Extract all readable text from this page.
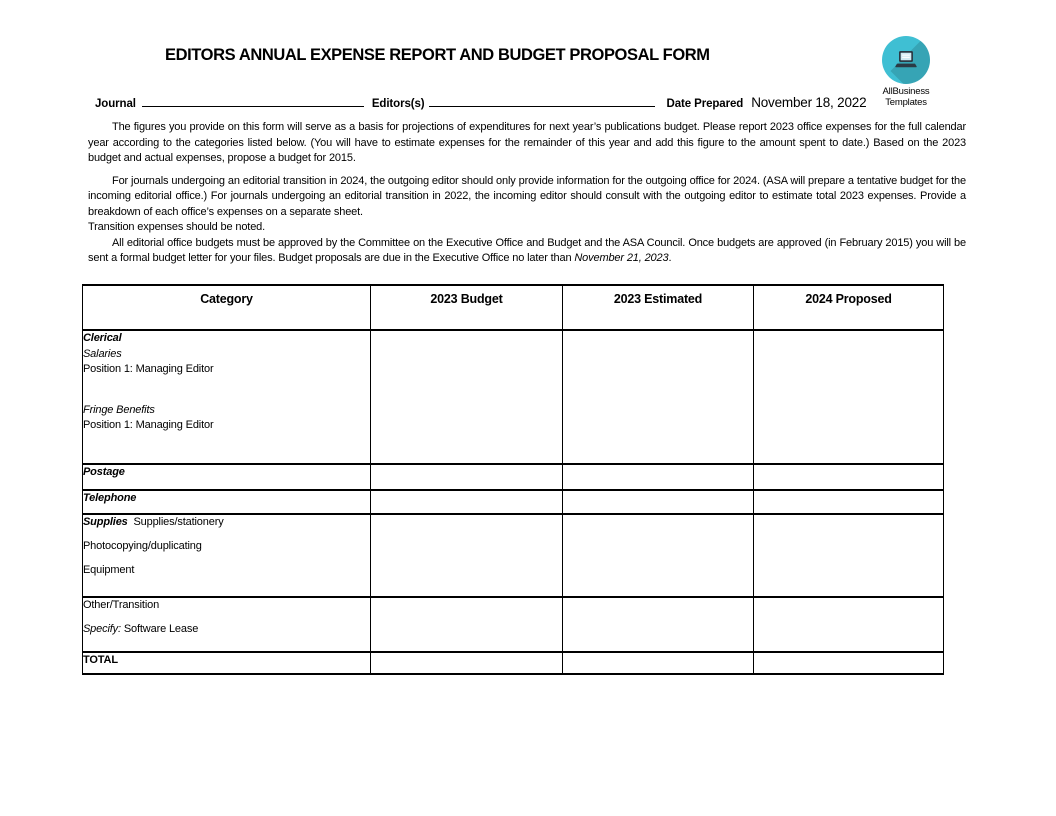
EDITORS ANNUAL EXPENSE REPORT AND BUDGET PROPOSAL FORM
AllBusiness
Templates
Journal	Editors(s)	Date Prepared November 18, 2022

The figures you provide on this form will serve as a basis for projections of expenditures for next year’s publications budget. Please report 2023 office expenses for the full calendar year according to the categories listed below. (You will have to estimate expenses for the remainder of this year and add this figure to the amount spent to date.) Based on the 2023 budget and actual expenses, propose a budget for 2015.

For journals undergoing an editorial transition in 2024, the outgoing editor should only provide information for the outgoing office for 2024. (ASA will prepare a tentative budget for the incoming editorial office.) For journals undergoing an editorial transition in 2022, the incoming editor should consult with the outgoing editor to estimate total 2023 expenses. Provide a breakdown of each office’s expenses on a separate sheet.

Transition expenses should be noted.

All editorial office budgets must be approved by the Committee on the Executive Office and Budget and the ASA Council. Once budgets are approved (in February 2015) you will be sent a formal budget letter for your files. Budget proposals are due in the Executive Office no later than November 21, 2023.

Category	2023 Budget	2023 Estimated	2024 Proposed

Clerical
Salaries
Position 1: Managing Editor
Fringe Benefits
Position 1: Managing Editor			

Postage			
Telephone			

Supplies Supplies/stationery
Photocopying/duplicating
Equipment			

Other/Transition
Specify: Software Lease			

TOTAL			
